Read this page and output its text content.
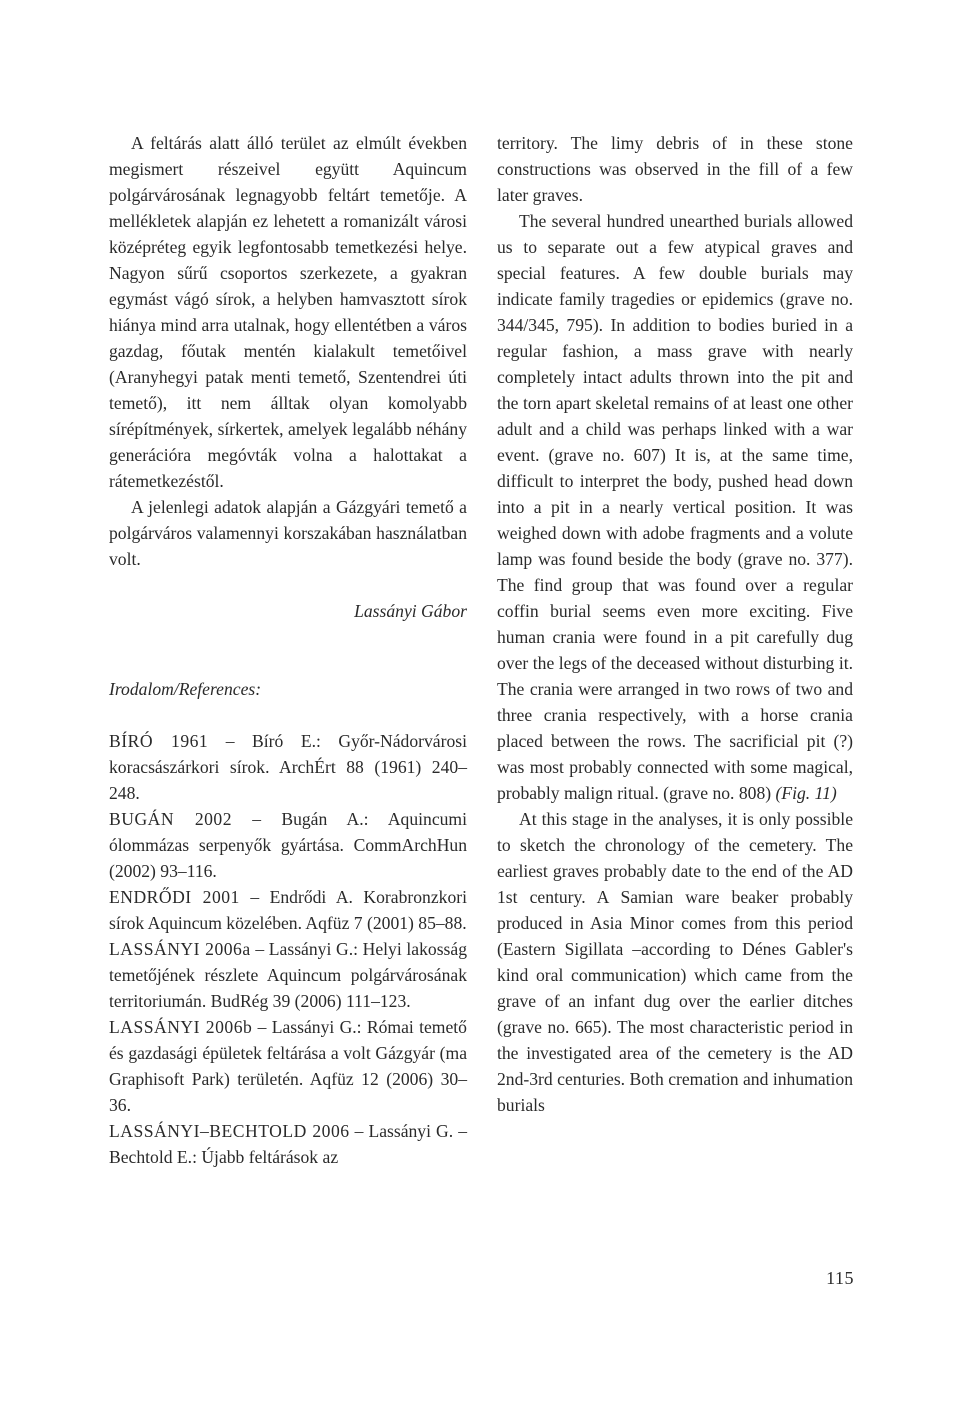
A feltárás alatt álló terület az elmúlt években megismert részeivel együtt Aquincum polgárvárosának legnagyobb feltárt temetője. A mellékletek alapján ez lehetett a romanizált városi középréteg egyik legfontosabb temetkezési helye. Nagyon sűrű csoportos szerkezete, a gyakran egymást vágó sírok, a helyben hamvasztott sírok hiánya mind arra utalnak, hogy ellentétben a város gazdag, főutak mentén kialakult temetőivel (Aranyhegyi patak menti temető, Szentendrei úti temető), itt nem álltak olyan komolyabb sírépítmények, sírkertek, amelyek legalább néhány generációra megóvták volna a halottakat a rátemetkezéstől.

A jelenlegi adatok alapján a Gázgyári temető a polgárváros valamennyi korszakában használatban volt.

Lassányi Gábor
Irodalom/References:

BÍRÓ 1961 – Bíró E.: Győr-Nádorvárosi koracsászárkori sírok. ArchÉrt 88 (1961) 240–248.

BUGÁN 2002 – Bugán A.: Aquincumi ólommázas serpenyők gyártása. CommArchHun (2002) 93–116.

ENDRŐDI 2001 – Endrődi A. Korabronzkori sírok Aquincum közelében. Aqfüz 7 (2001) 85–88.

LASSÁNYI 2006a – Lassányi G.: Helyi lakosság temetőjének részlete Aquincum polgárvárosának territoriumán. BudRég 39 (2006) 111–123.

LASSÁNYI 2006b – Lassányi G.: Római temető és gazdasági épületek feltárása a volt Gázgyár (ma Graphisoft Park) területén. Aqfüz 12 (2006) 30–36.

LASSÁNYI–BECHTOLD 2006 – Lassányi G. – Bechtold E.: Újabb feltárások az

territory. The limy debris of in these stone constructions was observed in the fill of a few later graves.

The several hundred unearthed burials allowed us to separate out a few atypical graves and special features. A few double burials may indicate family tragedies or epidemics (grave no. 344/345, 795). In addition to bodies buried in a regular fashion, a mass grave with nearly completely intact adults thrown into the pit and the torn apart skeletal remains of at least one other adult and a child was perhaps linked with a war event. (grave no. 607) It is, at the same time, difficult to interpret the body, pushed head down into a pit in a nearly vertical position. It was weighed down with adobe fragments and a volute lamp was found beside the body (grave no. 377). The find group that was found over a regular coffin burial seems even more exciting. Five human crania were found in a pit carefully dug over the legs of the deceased without disturbing it. The crania were arranged in two rows of two and three crania respectively, with a horse crania placed between the rows. The sacrificial pit (?) was most probably connected with some magical, probably malign ritual. (grave no. 808) (Fig. 11)

At this stage in the analyses, it is only possible to sketch the chronology of the cemetery. The earliest graves probably date to the end of the AD 1st century. A Samian ware beaker probably produced in Asia Minor comes from this period (Eastern Sigillata –according to Dénes Gabler's kind oral communication) which came from the grave of an infant dug over the earlier ditches (grave no. 665). The most characteristic period in the investigated area of the cemetery is the AD 2nd-3rd centuries. Both cremation and inhumation burials

115
